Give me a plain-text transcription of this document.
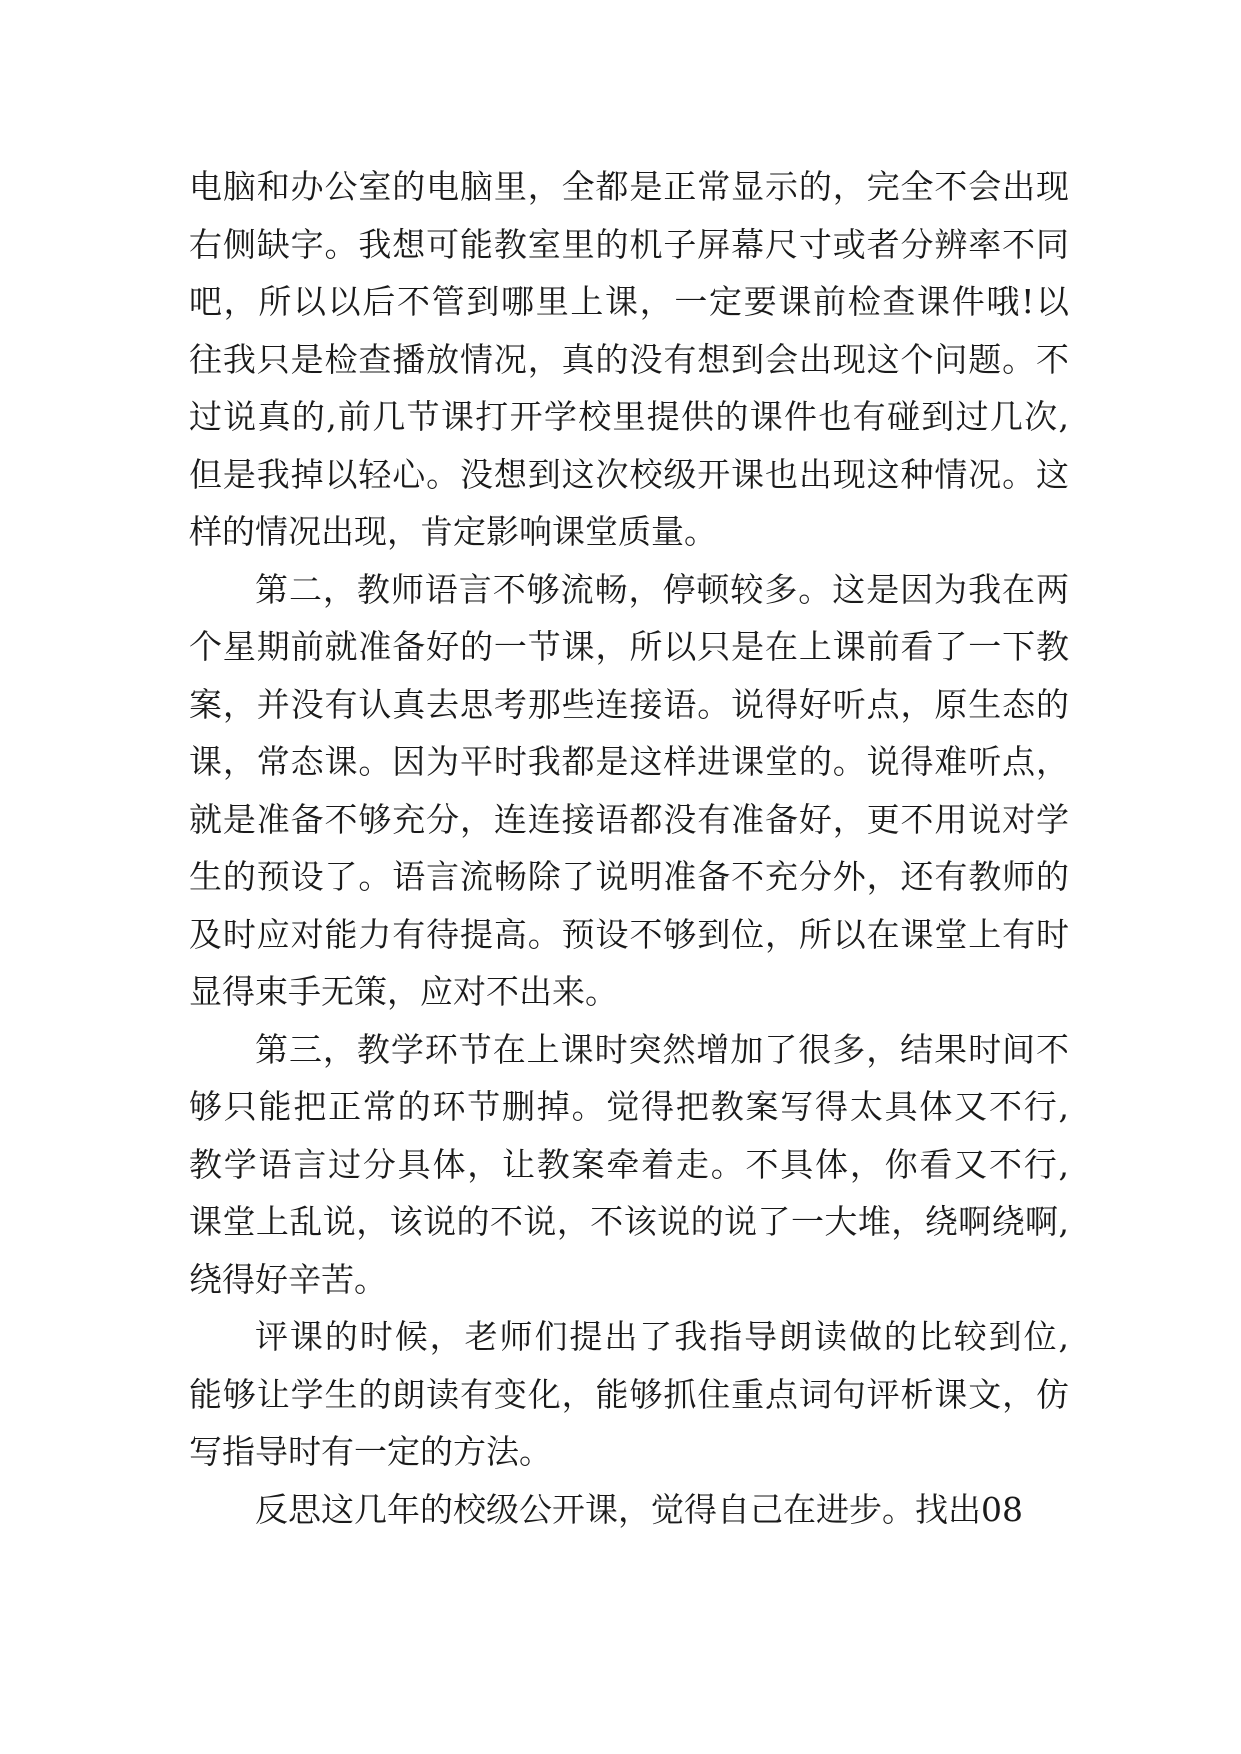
电脑和办公室的电脑里，全都是正常显示的，完全不会出现
右侧缺字。我想可能教室里的机子屏幕尺寸或者分辨率不同
吧，所以以后不管到哪里上课，一定要课前检查课件哦!以
往我只是检查播放情况，真的没有想到会出现这个问题。不
过说真的,前几节课打开学校里提供的课件也有碰到过几次,
但是我掉以轻心。没想到这次校级开课也出现这种情况。这
样的情况出现，肯定影响课堂质量。
第二，教师语言不够流畅，停顿较多。这是因为我在两
个星期前就准备好的一节课，所以只是在上课前看了一下教
案，并没有认真去思考那些连接语。说得好听点，原生态的
课，常态课。因为平时我都是这样进课堂的。说得难听点，
就是准备不够充分，连连接语都没有准备好，更不用说对学
生的预设了。语言流畅除了说明准备不充分外，还有教师的
及时应对能力有待提高。预设不够到位，所以在课堂上有时
显得束手无策，应对不出来。
第三，教学环节在上课时突然增加了很多，结果时间不
够只能把正常的环节删掉。觉得把教案写得太具体又不行,
教学语言过分具体，让教案牵着走。不具体，你看又不行,
课堂上乱说，该说的不说，不该说的说了一大堆，绕啊绕啊,
绕得好辛苦。
评课的时候，老师们提出了我指导朗读做的比较到位,
能够让学生的朗读有变化，能够抓住重点词句评析课文，仿
写指导时有一定的方法。
反思这几年的校级公开课，觉得自己在进步。找出08
